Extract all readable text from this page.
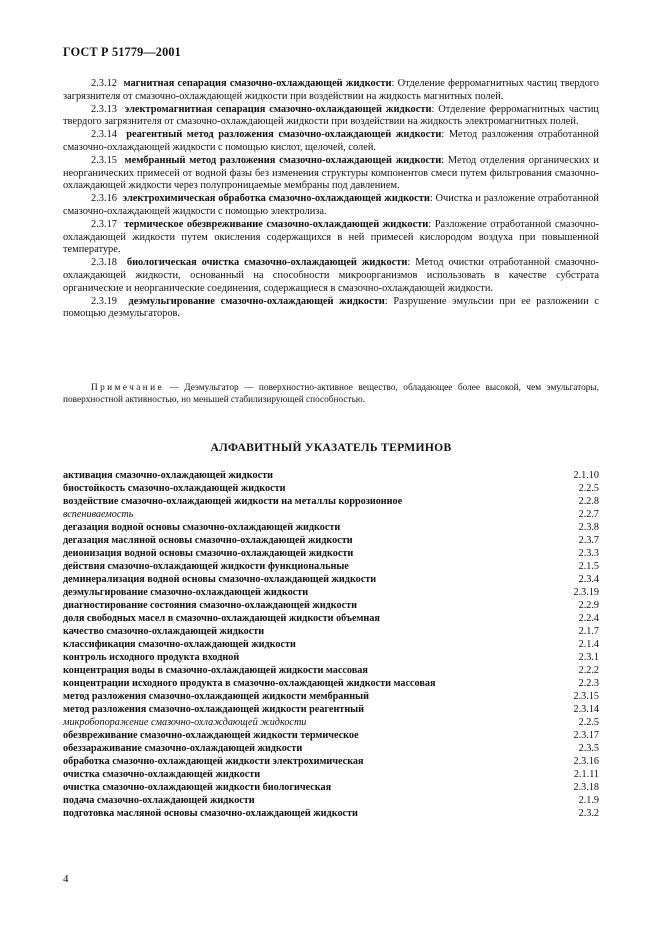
ГОСТ Р 51779—2001

2.3.12 магнитная сепарация смазочно-охлаждающей жидкости: Отделение ферромагнитных частиц твердого загрязнителя от смазочно-охлаждающей жидкости при воздействии на жидкость магнитных полей.

2.3.13 электромагнитная сепарация смазочно-охлаждающей жидкости: Отделение ферромагнитных частиц твердого загрязнителя от смазочно-охлаждающей жидкости при воздействии на жидкость электромагнитных полей.

2.3.14 реагентный метод разложения смазочно-охлаждающей жидкости: Метод разложения отработанной смазочно-охлаждающей жидкости с помощью кислот, щелочей, солей.

2.3.15 мембранный метод разложения смазочно-охлаждающей жидкости: Метод отделения органических и неорганических примесей от водной фазы без изменения структуры компонентов смеси путем фильтрования смазочно-охлаждающей жидкости через полупроницаемые мембраны под давлением.

2.3.16 электрохимическая обработка смазочно-охлаждающей жидкости: Очистка и разложение отработанной смазочно-охлаждающей жидкости с помощью электролиза.

2.3.17 термическое обезвреживание смазочно-охлаждающей жидкости: Разложение отработанной смазочно-охлаждающей жидкости путем окисления содержащихся в ней примесей кислородом воздуха при повышенной температуре.

2.3.18 биологическая очистка смазочно-охлаждающей жидкости: Метод очистки отработанной смазочно-охлаждающей жидкости, основанный на способности микроорганизмов использовать в качестве субстрата органические и неорганические соединения, содержащиеся в смазочно-охлаждающей жидкости.

2.3.19 деэмульгирование смазочно-охлаждающей жидкости: Разрушение эмульсии при ее разложении с помощью деэмульгаторов.

Примечание — Деэмульгатор — поверхностно-активное вещество, обладающее более высокой, чем эмульгаторы, поверхностной активностью, но меньшей стабилизирующей способностью.
АЛФАВИТНЫЙ УКАЗАТЕЛЬ ТЕРМИНОВ
активация смазочно-охлаждающей жидкости	2.1.10
биостойкость смазочно-охлаждающей жидкости	2.2.5
воздействие смазочно-охлаждающей жидкости на металлы коррозионное	2.2.8
вспениваемость	2.2.7
дегазация водной основы смазочно-охлаждающей жидкости	2.3.8
дегазация масляной основы смазочно-охлаждающей жидкости	2.3.7
деионизация водной основы смазочно-охлаждающей жидкости	2.3.3
действия смазочно-охлаждающей жидкости функциональные	2.1.5
деминерализация водной основы смазочно-охлаждающей жидкости	2.3.4
деэмульгирование смазочно-охлаждающей жидкости	2.3.19
диагностирование состояния смазочно-охлаждающей жидкости	2.2.9
доля свободных масел в смазочно-охлаждающей жидкости объемная	2.2.4
качество смазочно-охлаждающей жидкости	2.1.7
классификация смазочно-охлаждающей жидкости	2.1.4
контроль исходного продукта входной	2.3.1
концентрация воды в смазочно-охлаждающей жидкости массовая	2.2.2
концентрации исходного продукта в смазочно-охлаждающей жидкости массовая	2.2.3
метод разложения смазочно-охлаждающей жидкости мембранный	2.3.15
метод разложения смазочно-охлаждающей жидкости реагентный	2.3.14
микробопоражение смазочно-охлаждающей жидкости	2.2.5
обезвреживание смазочно-охлаждающей жидкости термическое	2.3.17
обеззараживание смазочно-охлаждающей жидкости	2.3.5
обработка смазочно-охлаждающей жидкости электрохимическая	2.3.16
очистка смазочно-охлаждающей жидкости	2.1.11
очистка смазочно-охлаждающей жидкости биологическая	2.3.18
подача смазочно-охлаждающей жидкости	2.1.9
подготовка масляной основы смазочно-охлаждающей жидкости	2.3.2
4
